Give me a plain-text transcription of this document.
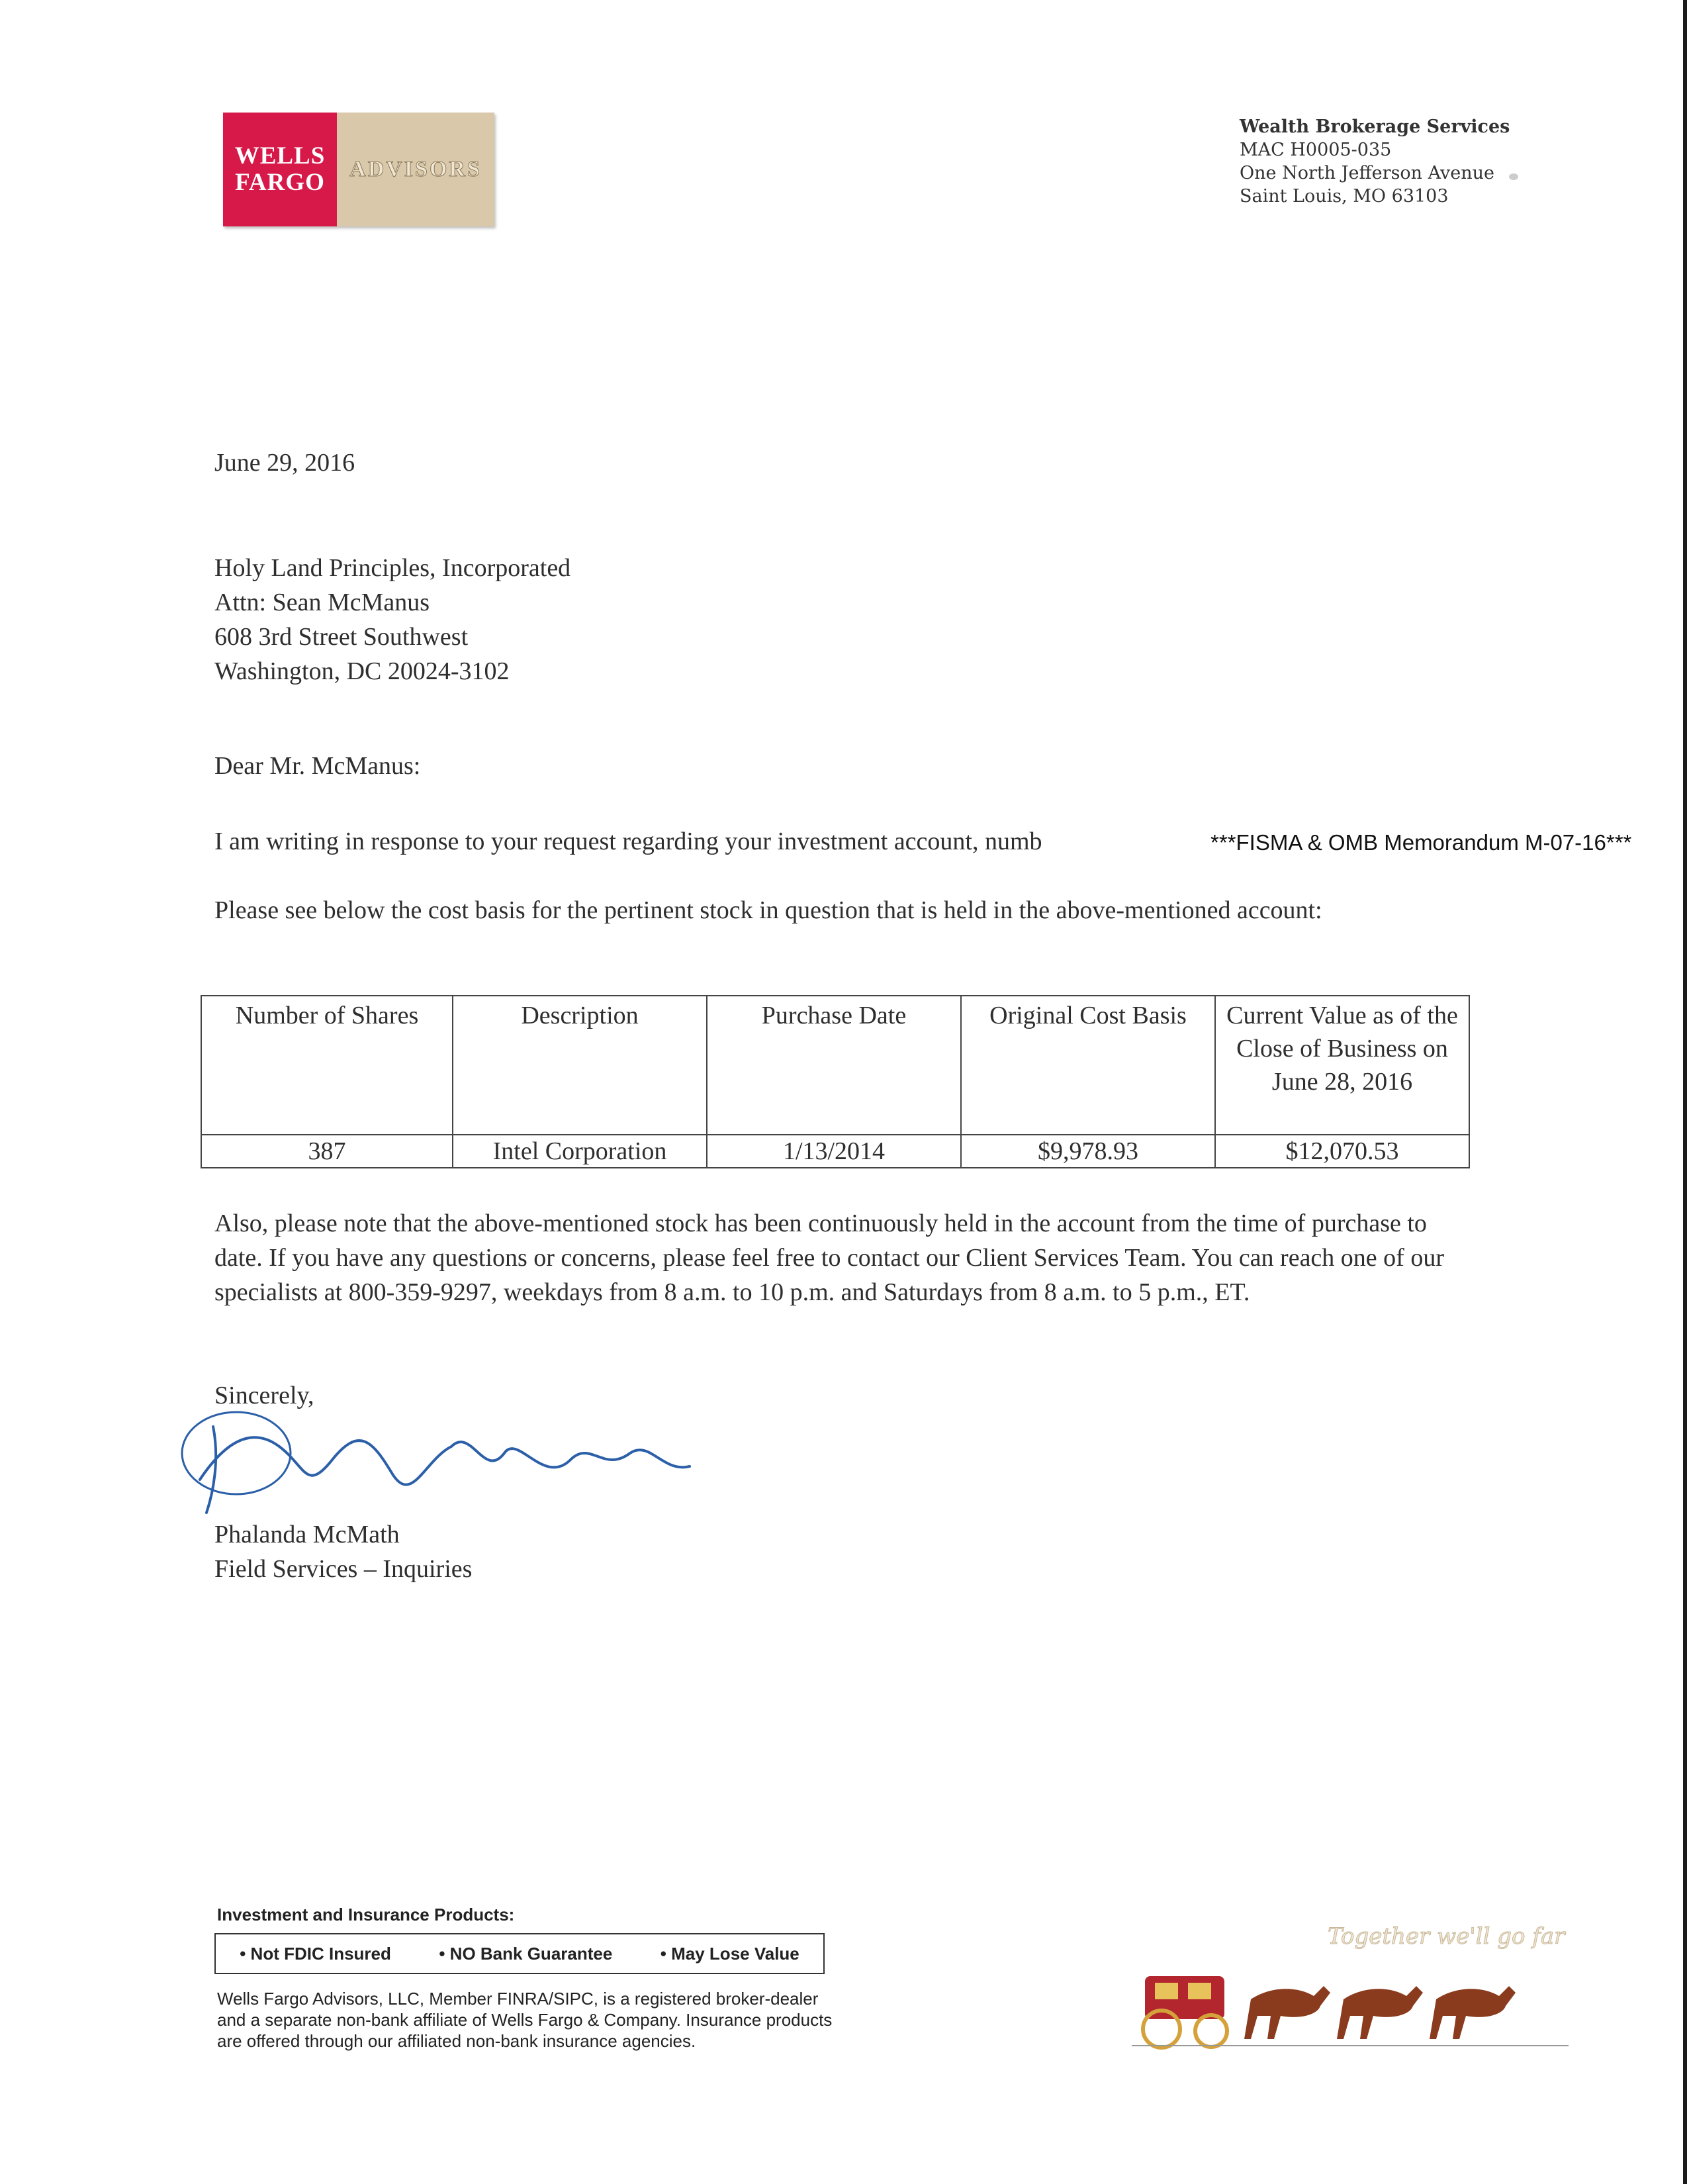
WELLS
FARGO ADVISORS
Wealth Brokerage Services
MAC H0005-035
One North Jefferson Avenue
Saint Louis, MO 63103
June 29, 2016
Holy Land Principles, Incorporated
Attn: Sean McManus
608 3rd Street Southwest
Washington, DC 20024-3102
Dear Mr. McManus:
I am writing in response to your request regarding your investment account, numb	***FISMA & OMB Memorandum M-07-16***
Please see below the cost basis for the pertinent stock in question that is held in the above-mentioned account:
Number of Shares	Description	Purchase Date	Original Cost Basis	Current Value as of the Close of Business on June 28, 2016
387	Intel Corporation	1/13/2014	$9,978.93	$12,070.53
Also, please note that the above-mentioned stock has been continuously held in the account from the time of purchase to date. If you have any questions or concerns, please feel free to contact our Client Services Team. You can reach one of our specialists at 800-359-9297, weekdays from 8 a.m. to 10 p.m. and Saturdays from 8 a.m. to 5 p.m., ET.
Sincerely,
Phalanda McMath
Field Services – Inquiries
Investment and Insurance Products:
• Not FDIC Insured	• NO Bank Guarantee	• May Lose Value
Wells Fargo Advisors, LLC, Member FINRA/SIPC, is a registered broker-dealer
and a separate non-bank affiliate of Wells Fargo & Company. Insurance products
are offered through our affiliated non-bank insurance agencies.
Together we'll go far
